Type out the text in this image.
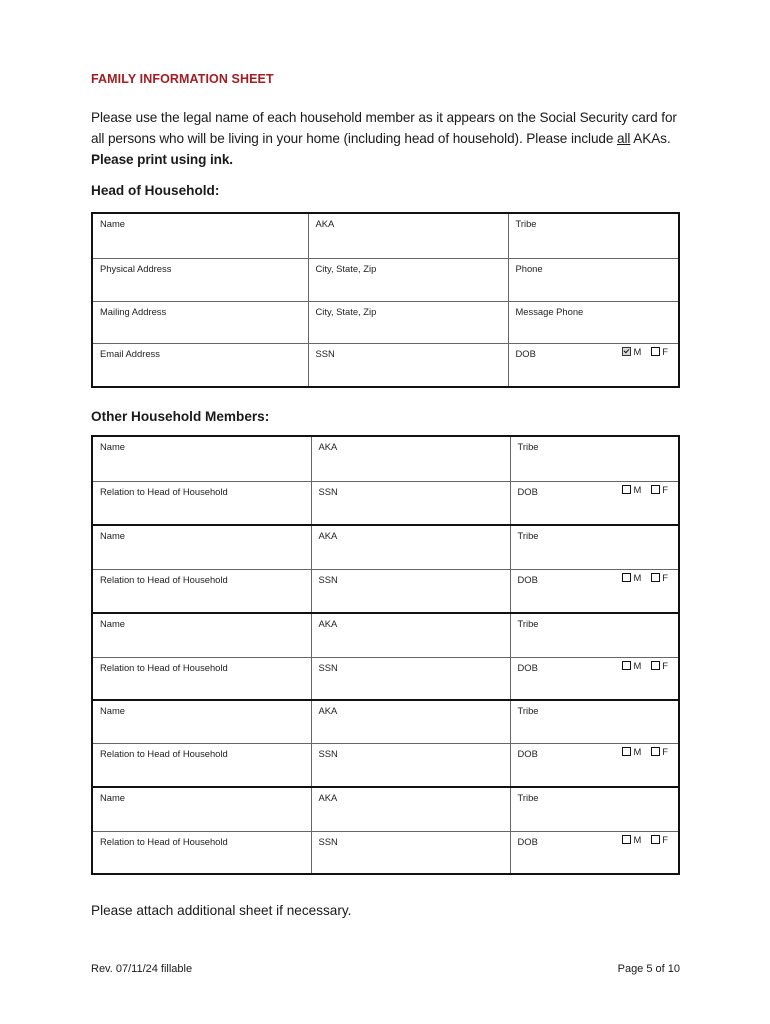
FAMILY INFORMATION SHEET
Please use the legal name of each household member as it appears on the Social Security card for all persons who will be living in your home (including head of household). Please include all AKAs. Please print using ink.
Head of Household:
Name	AKA	Tribe
Physical Address	City, State, Zip	Phone
Mailing Address	City, State, Zip	Message Phone
Email Address	SSN	DOB M F
Other Household Members:
Name	AKA	Tribe
Relation to Head of Household	SSN	DOB M F

Name	AKA	Tribe
Relation to Head of Household	SSN	DOB M F

Name	AKA	Tribe
Relation to Head of Household	SSN	DOB M F

Name	AKA	Tribe
Relation to Head of Household	SSN	DOB M F

Name	AKA	Tribe
Relation to Head of Household	SSN	DOB M F
Please attach additional sheet if necessary.
Rev. 07/11/24 fillable	Page 5 of 10
